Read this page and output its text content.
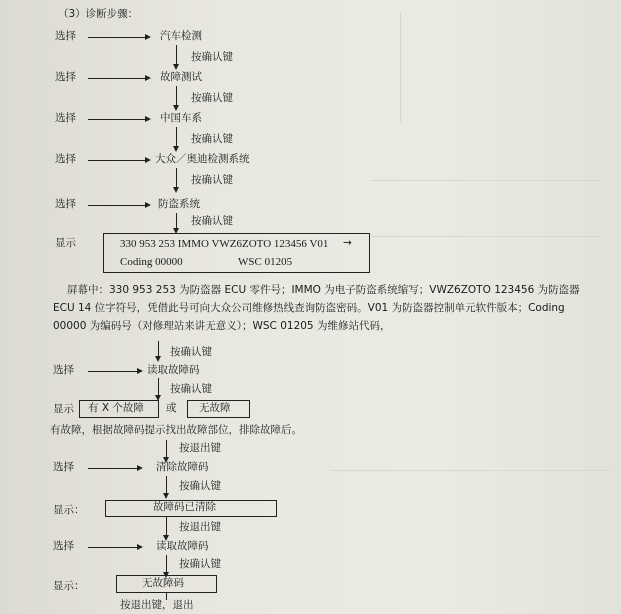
（3）诊断步骤：
选择	汽车检测
按确认键
选择	故障测试
按确认键
选择	中国车系
按确认键
选择	大众／奥迪检测系统
按确认键
选择	防盗系统
按确认键
显示	330 953 253 IMMO VWZ6ZOTO 123456 V01 →
Coding 00000	WSC 01205
屏幕中：330 953 253 为防盗器 ECU 零件号；IMMO 为电子防盗系统缩写；VWZ6ZOTO 123456 为防盗器
ECU 14 位字符号，凭借此号可向大众公司维修热线查询防盗密码。V01 为防盗器控制单元软件版本；Coding
00000 为编码号（对修理站来讲无意义）；WSC 01205 为维修站代码，
按确认键
选择	读取故障码
按确认键
显示 有 X 个故障 或 无故障
有故障，根据故障码提示找出故障部位，排除故障后。
按退出键
选择	清除故障码
按确认键
显示：	故障码已清除
按退出键
选择	读取故障码
按确认键
显示：	无故障码
按退出键，退出
